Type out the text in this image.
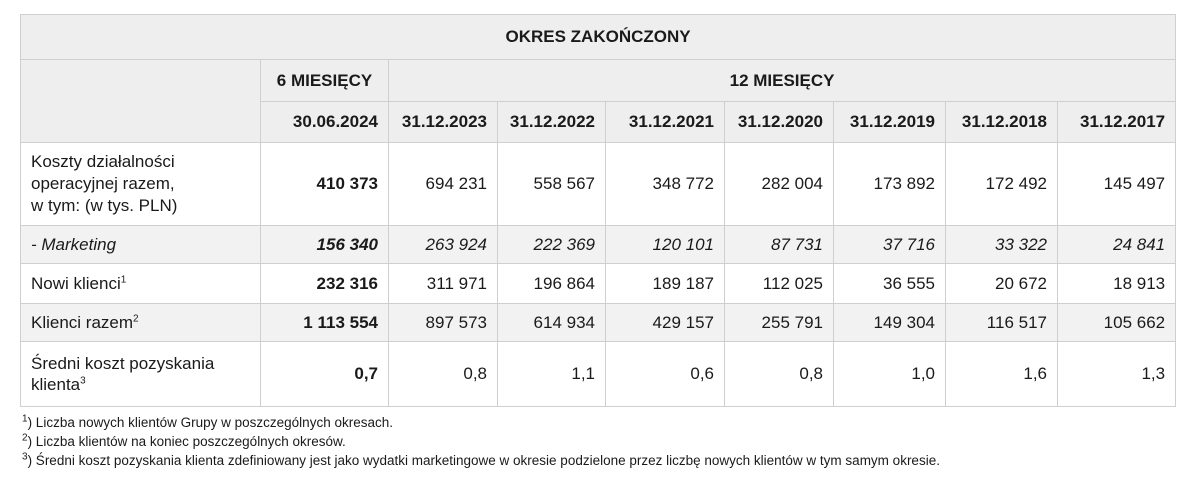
OKRES ZAKOŃCZONY								
	6 MIESIĘCY	12 MIESIĘCY						
	30.06.2024	31.12.2023	31.12.2022	31.12.2021	31.12.2020	31.12.2019	31.12.2018	31.12.2017

Koszty działalności
operacyjnej razem,
w tym: (w tys. PLN)	410 373	694 231	558 567	348 772	282 004	173 892	172 492	145 497
- Marketing	156 340	263 924	222 369	120 101	87 731	37 716	33 322	24 841
Nowi klienci$^1$	232 316	311 971	196 864	189 187	112 025	36 555	20 672	18 913
Klienci razem$^2$	1 113 554	897 573	614 934	429 157	255 791	149 304	116 517	105 662

Średni koszt pozyskania
klienta$^3$	0,7	0,8	1,1	0,6	0,8	1,0	1,6	1,3
$^1$) Liczba nowych klientów Grupy w poszczególnych okresach.
$^2$) Liczba klientów na koniec poszczególnych okresów.
$^3$) Średni koszt pozyskania klienta zdefiniowany jest jako wydatki marketingowe w okresie podzielone przez liczbę nowych klientów w tym samym okresie.
